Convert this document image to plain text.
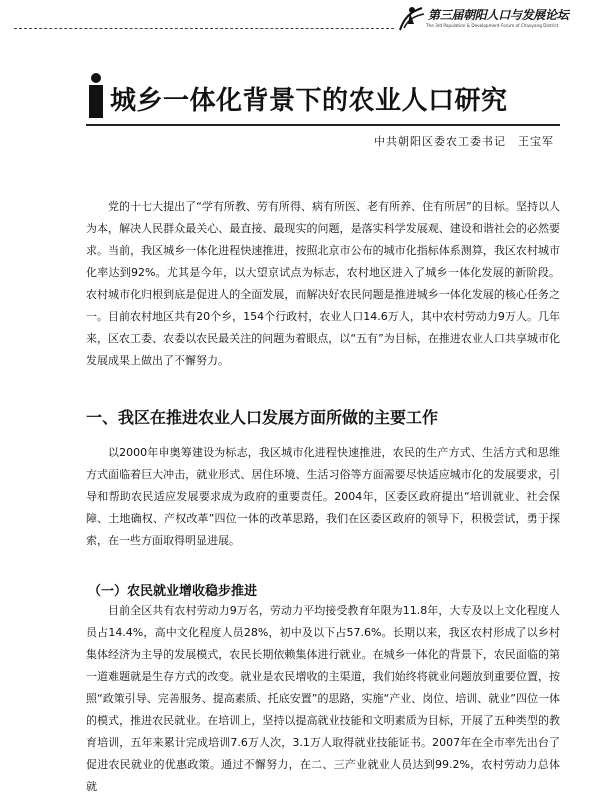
第三届朝阳人口与发展论坛
The 3rd Population & Development Forum of Chaoyang District
城乡一体化背景下的农业人口研究
中共朝阳区委农工委书记　王宝军

党的十七大提出了“学有所教、劳有所得、病有所医、老有所养、住有所居”的目标。坚持以人为本，解决人民群众最关心、最直接、最现实的问题，是落实科学发展观、建设和谐社会的必然要求。当前，我区城乡一体化进程快速推进，按照北京市公布的城市化指标体系测算，我区农村城市化率达到92%。尤其是今年，以大望京试点为标志，农村地区进入了城乡一体化发展的新阶段。农村城市化归根到底是促进人的全面发展，而解决好农民问题是推进城乡一体化发展的核心任务之一。目前农村地区共有20个乡，154个行政村，农业人口14.6万人，其中农村劳动力9万人。几年来，区农工委、农委以农民最关注的问题为着眼点，以“五有”为目标，在推进农业人口共享城市化发展成果上做出了不懈努力。

一、我区在推进农业人口发展方面所做的主要工作

以2000年申奥筹建设为标志，我区城市化进程快速推进，农民的生产方式、生活方式和思维方式面临着巨大冲击，就业形式、居住环境、生活习俗等方面需要尽快适应城市化的发展要求，引导和帮助农民适应发展要求成为政府的重要责任。2004年，区委区政府提出“培训就业、社会保障、土地确权、产权改革”四位一体的改革思路，我们在区委区政府的领导下，积极尝试，勇于探索，在一些方面取得明显进展。

（一）农民就业增收稳步推进

目前全区共有农村劳动力9万名，劳动力平均接受教育年限为11.8年，大专及以上文化程度人员占14.4%，高中文化程度人员28%，初中及以下占57.6%。长期以来，我区农村形成了以乡村集体经济为主导的发展模式，农民长期依赖集体进行就业。在城乡一体化的背景下，农民面临的第一道难题就是生存方式的改变。就业是农民增收的主渠道，我们始终将就业问题放到重要位置，按照“政策引导、完善服务、提高素质、托底安置”的思路，实施“产业、岗位、培训、就业”四位一体的模式，推进农民就业。在培训上，坚持以提高就业技能和文明素质为目标，开展了五种类型的教育培训，五年来累计完成培训7.6万人次，3.1万人取得就业技能证书。2007年在全市率先出台了促进农民就业的优惠政策。通过不懈努力，在二、三产业就业人员达到99.2%，农村劳动力总体就
